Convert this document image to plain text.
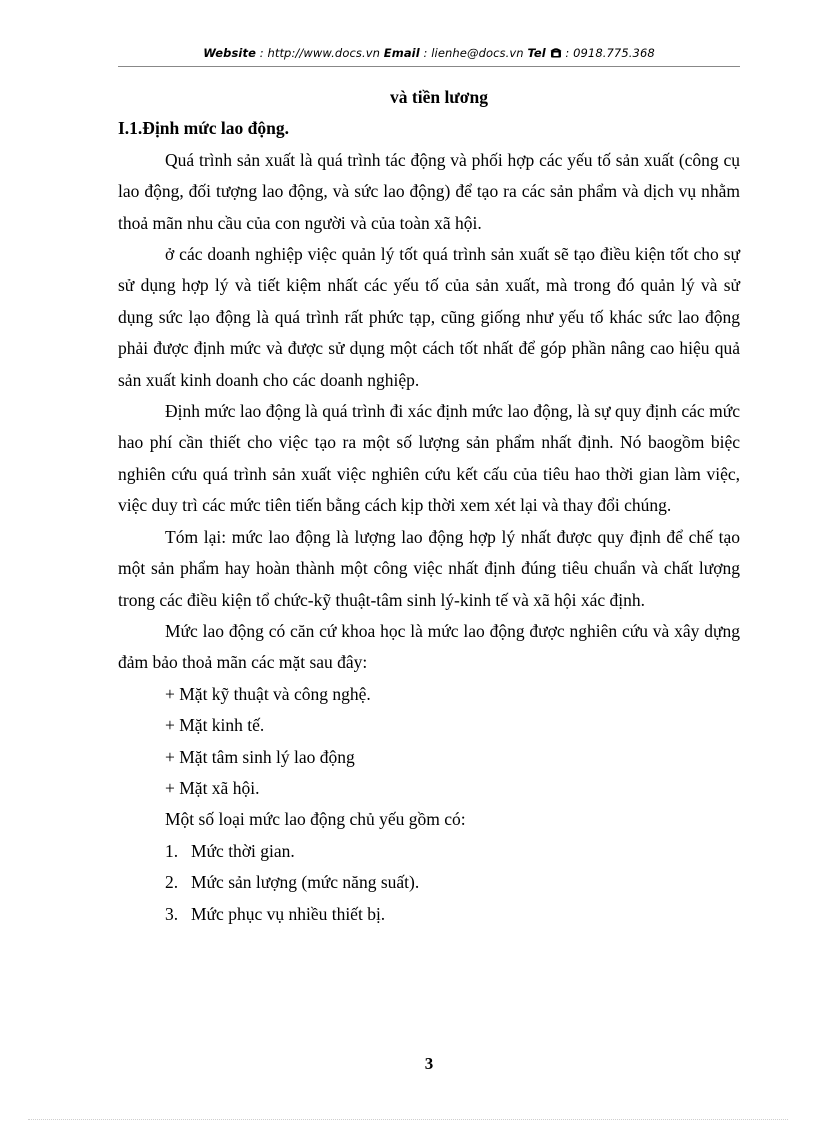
Website : http://www.docs.vn Email : lienhe@docs.vn Tel  : 0918.775.368
và tiền lương
I.1.Định mức lao động.

Quá trình sản xuất là quá trình tác động và phối hợp các yếu tố sản xuất (công cụ lao động, đối tượng lao động, và sức lao động) để tạo ra các sản phẩm và dịch vụ nhằm thoả mãn nhu cầu của con người và của toàn xã hội.

ở các doanh nghiệp việc quản lý tốt quá trình sản xuất sẽ tạo điều kiện tốt cho sự sử dụng hợp lý và tiết kiệm nhất các yếu tố của sản xuất, mà trong đó quản lý và sử dụng sức lạo động là quá trình rất phức tạp, cũng giống như yếu tố khác sức lao động phải được định mức và được sử dụng một cách tốt nhất để góp phần nâng cao hiệu quả sản xuất kinh doanh cho các doanh nghiệp.

Định mức lao động là quá trình đi xác định mức lao động, là sự quy định các mức hao phí cần thiết cho việc tạo ra một số lượng sản phẩm nhất định. Nó baogồm biệc nghiên cứu quá trình sản xuất việc nghiên cứu kết cấu của tiêu hao thời gian làm việc, việc duy trì các mức tiên tiến bằng cách kịp thời xem xét lại và thay đổi chúng.

Tóm lại: mức lao động là lượng lao động hợp lý nhất được quy định để chế tạo một sản phẩm hay hoàn thành một công việc nhất định đúng tiêu chuẩn và chất lượng trong các điều kiện tổ chức-kỹ thuật-tâm sinh lý-kinh tế và xã hội xác định.

Mức lao động có căn cứ khoa học là mức lao động được nghiên cứu và xây dựng đảm bảo thoả mãn các mặt sau đây:

+ Mặt kỹ thuật và công nghệ.
+ Mặt kinh tế.
+ Mặt tâm sinh lý lao động
+ Mặt xã hội.
Một số loại mức lao động chủ yếu gồm có:
1. Mức thời gian.
2. Mức sản lượng (mức năng suất).
3. Mức phục vụ nhiều thiết bị.
3
